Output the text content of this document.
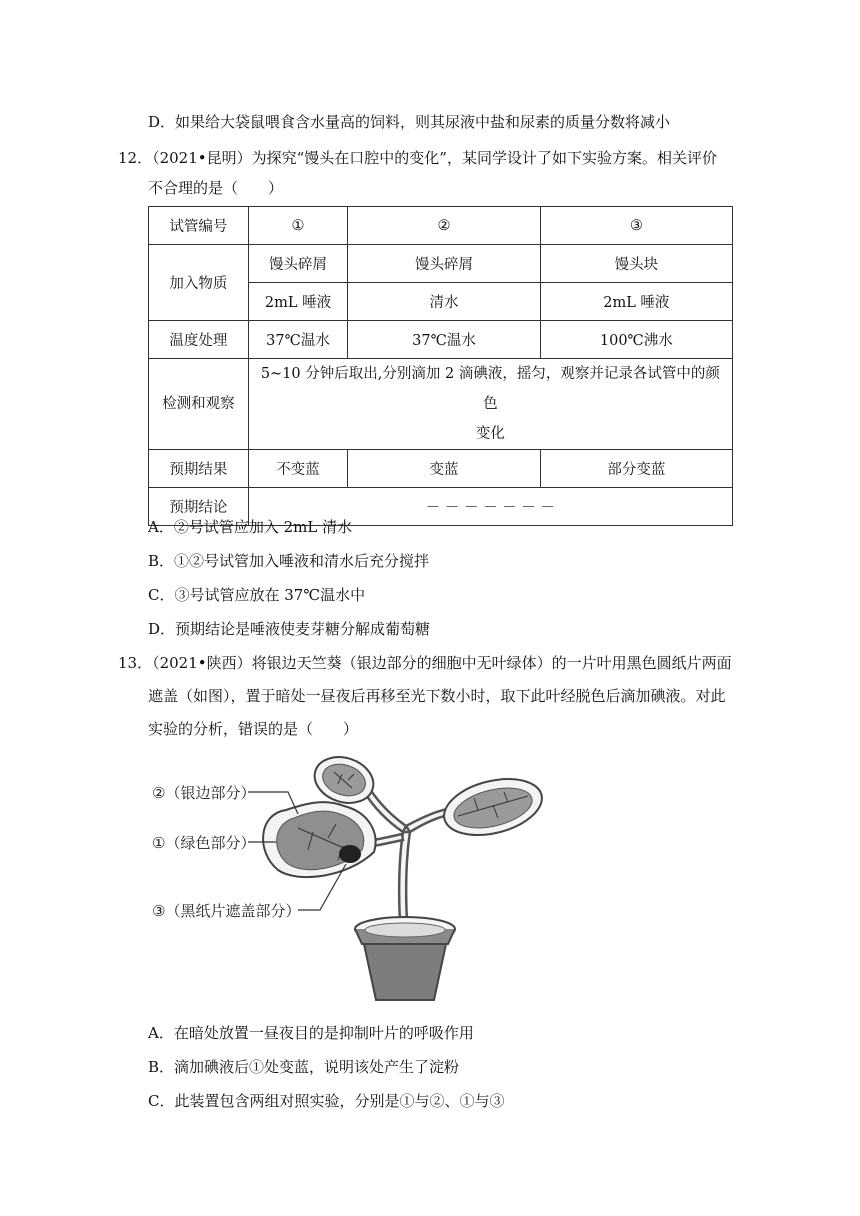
D．如果给大袋鼠喂食含水量高的饲料，则其尿液中盐和尿素的质量分数将减小
12．（2021•昆明）为探究“馒头在口腔中的变化”，某同学设计了如下实验方案。相关评价
不合理的是（　　）
试管编号	①	②	③
加入物质	馒头碎屑	馒头碎屑	馒头块
	2mL 唾液	清水	2mL 唾液
温度处理	37℃温水	37℃温水	100℃沸水
检测和观察	5~10 分钟后取出,分别滴加 2 滴碘液，摇匀，观察并记录各试管中的颜色
变化		

预期结果	不变蓝	变蓝	部分变蓝
预期结论	－ － － － － － －		
A．②号试管应加入 2mL 清水
B．①②号试管加入唾液和清水后充分搅拌
C．③号试管应放在 37℃温水中
D．预期结论是唾液使麦芽糖分解成葡萄糖
13．（2021•陕西）将银边天竺葵（银边部分的细胞中无叶绿体）的一片叶用黑色圆纸片两面
遮盖（如图），置于暗处一昼夜后再移至光下数小时，取下此叶经脱色后滴加碘液。对此
实验的分析，错误的是（　　）
②（银边部分）
①（绿色部分）
③（黑纸片遮盖部分）
A．在暗处放置一昼夜目的是抑制叶片的呼吸作用
B．滴加碘液后①处变蓝，说明该处产生了淀粉
C．此装置包含两组对照实验，分别是①与②、①与③
